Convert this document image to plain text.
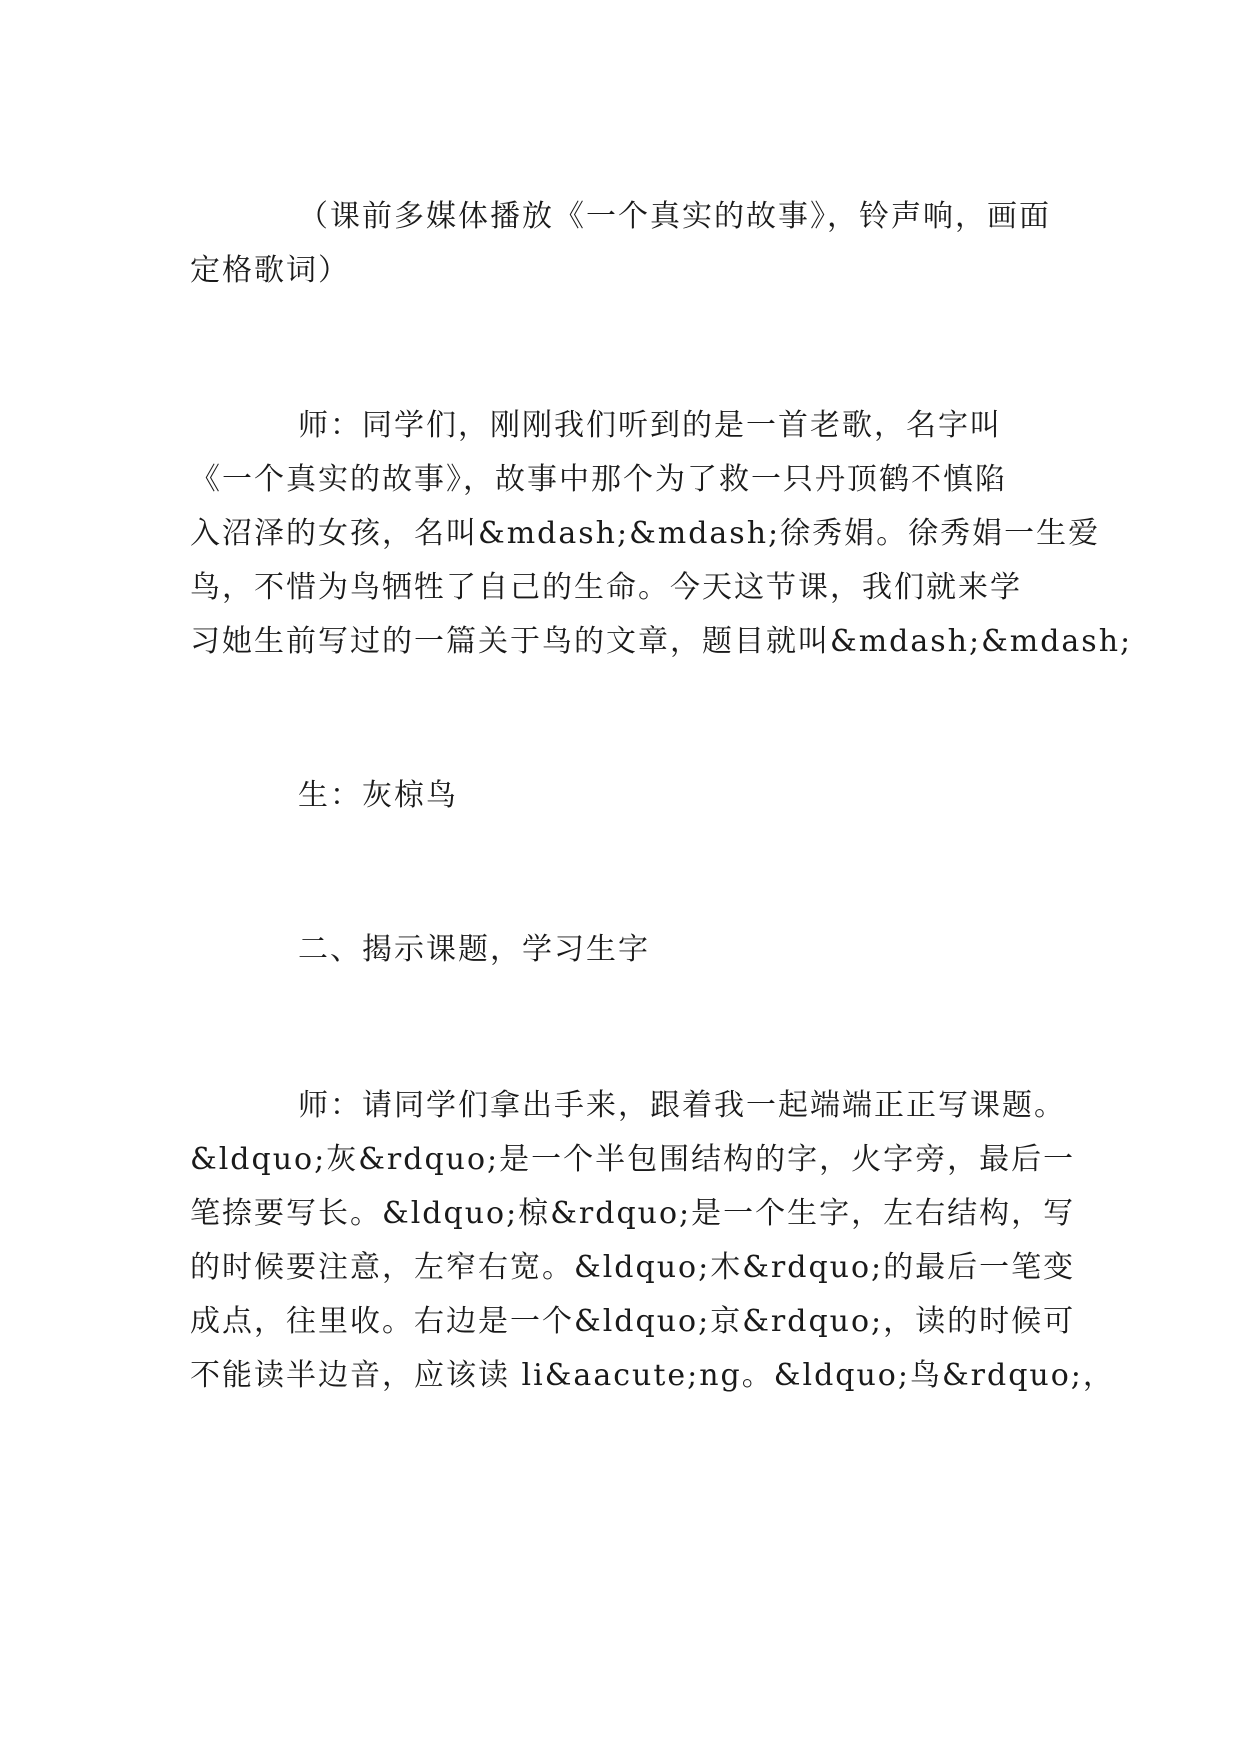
（课前多媒体播放《一个真实的故事》，铃声响，画面
定格歌词）
师：同学们，刚刚我们听到的是一首老歌，名字叫
《一个真实的故事》，故事中那个为了救一只丹顶鹤不慎陷
入沼泽的女孩，名叫&mdash;&mdash;徐秀娟。徐秀娟一生爱
鸟，不惜为鸟牺牲了自己的生命。今天这节课，我们就来学
习她生前写过的一篇关于鸟的文章，题目就叫&mdash;&mdash;
生：灰椋鸟
二、揭示课题，学习生字
师：请同学们拿出手来，跟着我一起端端正正写课题。
&ldquo;灰&rdquo;是一个半包围结构的字，火字旁，最后一
笔捺要写长。&ldquo;椋&rdquo;是一个生字，左右结构，写
的时候要注意，左窄右宽。&ldquo;木&rdquo;的最后一笔变
成点，往里收。右边是一个&ldquo;京&rdquo;，读的时候可
不能读半边音，应该读 li&aacute;ng。&ldquo;鸟&rdquo;，
